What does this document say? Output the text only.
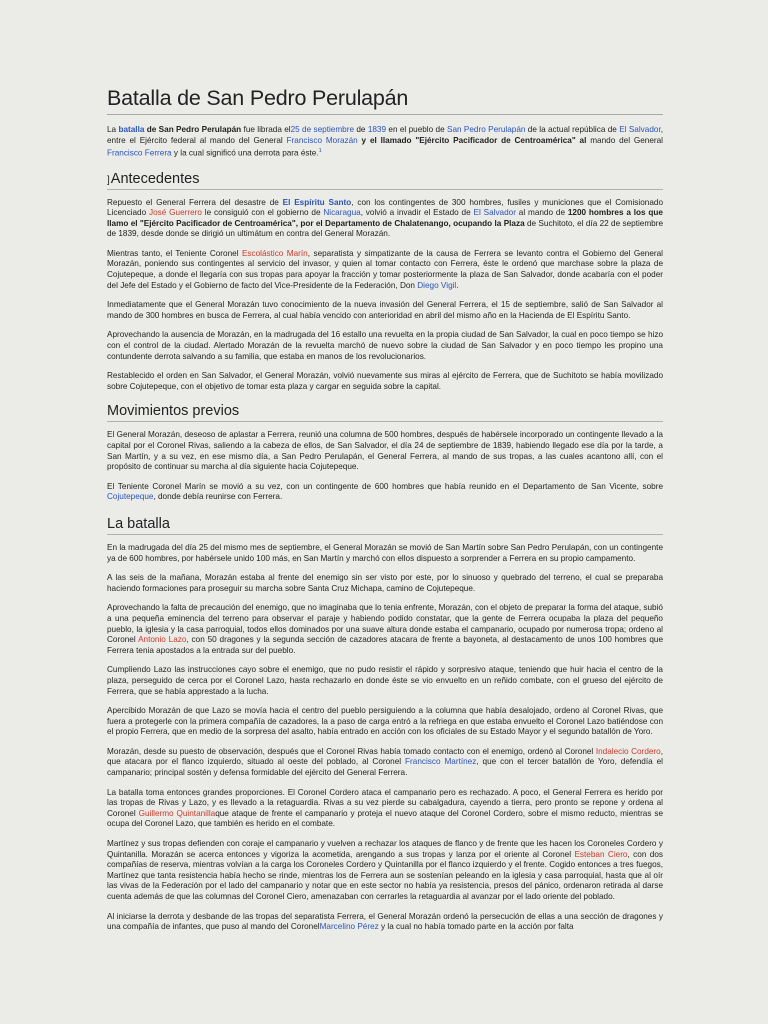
Batalla de San Pedro Perulapán

La batalla de San Pedro Perulapán fue librada el25 de septiembre de 1839 en el pueblo de San Pedro Perulapán de la actual república de El Salvador, entre el Ejército federal al mando del General Francisco Morazán y el llamado "Ejército Pacificador de Centroamérica" al mando del General Francisco Ferrera y la cual significó una derrota para éste.$^1$

]Antecedentes

Repuesto el General Ferrera del desastre de El Espíritu Santo, con los contingentes de 300 hombres, fusiles y municiones que el Comisionado Licenciado José Guerrero le consiguió con el gobierno de Nicaragua, volvió a invadir el Estado de El Salvador al mando de 1200 hombres a los que llamo el "Ejército Pacificador de Centroamérica", por el Departamento de Chalatenango, ocupando la Plaza de Suchitoto, el día 22 de septiembre de 1839, desde donde se dirigió un ultimátum en contra del General Morazán.

Mientras tanto, el Teniente Coronel Escolástico Marín, separatista y simpatizante de la causa de Ferrera se levanto contra el Gobierno del General Morazán, poniendo sus contingentes al servicio del invasor, y quien al tomar contacto con Ferrera, éste le ordenó que marchase sobre la plaza de Cojutepeque, a donde el llegaría con sus tropas para apoyar la fracción y tomar posteriormente la plaza de San Salvador, donde acabaría con el poder del Jefe del Estado y el Gobierno de facto del Vice-Presidente de la Federación, Don Diego Vigil.

Inmediatamente que el General Morazán tuvo conocimiento de la nueva invasión del General Ferrera, el 15 de septiembre, salió de San Salvador al mando de 300 hombres en busca de Ferrera, al cual había vencido con anterioridad en abril del mismo año en la Hacienda de El Espíritu Santo.

Aprovechando la ausencia de Morazán, en la madrugada del 16 estallo una revuelta en la propia ciudad de San Salvador, la cual en poco tiempo se hizo con el control de la ciudad. Alertado Morazán de la revuelta marchó de nuevo sobre la ciudad de San Salvador y en poco tiempo les propino una contundente derrota salvando a su familia, que estaba en manos de los revolucionarios.

Restablecido el orden en San Salvador, el General Morazán, volvió nuevamente sus miras al ejército de Ferrera, que de Suchitoto se había movilizado sobre Cojutepeque, con el objetivo de tomar esta plaza y cargar en seguida sobre la capital.

Movimientos previos

El General Morazán, deseoso de aplastar a Ferrera, reunió una columna de 500 hombres, después de habérsele incorporado un contingente llevado a la capital por el Coronel Rivas, saliendo a la cabeza de ellos, de San Salvador, el día 24 de septiembre de 1839, habiendo llegado ese día por la tarde, a San Martín, y a su vez, en ese mismo día, a San Pedro Perulapán, el General Ferrera, al mando de sus tropas, a las cuales acantono allí, con el propósito de continuar su marcha al día siguiente hacia Cojutepeque.

El Teniente Coronel Marín se movió a su vez, con un contingente de 600 hombres que había reunido en el Departamento de San Vicente, sobre Cojutepeque, donde debía reunirse con Ferrera.

La batalla

En la madrugada del día 25 del mismo mes de septiembre, el General Morazán se movió de San Martín sobre San Pedro Perulapán, con un contingente ya de 600 hombres, por habérsele unido 100 más, en San Martín y marchó con ellos dispuesto a sorprender a Ferrera en su propio campamento.

A las seis de la mañana, Morazán estaba al frente del enemigo sin ser visto por este, por lo sinuoso y quebrado del terreno, el cual se preparaba haciendo formaciones para proseguir su marcha sobre Santa Cruz Michapa, camino de Cojutepeque.

Aprovechando la falta de precaución del enemigo, que no imaginaba que lo tenia enfrente, Morazán, con el objeto de preparar la forma del ataque, subió a una pequeña eminencia del terreno para observar el paraje y habiendo podido constatar, que la gente de Ferrera ocupaba la plaza del pequeño pueblo, la iglesia y la casa parroquial, todos ellos dominados por una suave altura donde estaba el campanario, ocupado por numerosa tropa; ordeno al Coronel Antonio Lazo, con 50 dragones y la segunda sección de cazadores atacara de frente a bayoneta, al destacamento de unos 100 hombres que Ferrera tenia apostados a la entrada sur del pueblo.

Cumpliendo Lazo las instrucciones cayo sobre el enemigo, que no pudo resistir el rápido y sorpresivo ataque, teniendo que huir hacia el centro de la plaza, perseguido de cerca por el Coronel Lazo, hasta rechazarlo en donde éste se vio envuelto en un reñido combate, con el grueso del ejército de Ferrera, que se había apprestado a la lucha.

Apercibido Morazán de que Lazo se movía hacia el centro del pueblo persiguiendo a la columna que había desalojado, ordeno al Coronel Rivas, que fuera a protegerle con la primera compañía de cazadores, la a paso de carga entró a la refriega en que estaba envuelto el Coronel Lazo batiéndose con el propio Ferrera, que en medio de la sorpresa del asalto, había entrado en acción con los oficiales de su Estado Mayor y el segundo batallón de Yoro.

Morazán, desde su puesto de observación, después que el Coronel Rivas había tomado contacto con el enemigo, ordenó al Coronel Indalecio Cordero, que atacara por el flanco izquierdo, situado al oeste del poblado, al Coronel Francisco Martínez, que con el tercer batallón de Yoro, defendía el campanario; principal sostén y defensa formidable del ejército del General Ferrera.

La batalla toma entonces grandes proporciones. El Coronel Cordero ataca el campanario pero es rechazado. A poco, el General Ferrera es herido por las tropas de Rivas y Lazo, y es llevado a la retaguardia. Rivas a su vez pierde su cabalgadura, cayendo a tierra, pero pronto se repone y ordena al Coronel Guillermo Quintanillaque ataque de frente el campanario y proteja el nuevo ataque del Coronel Cordero, sobre el mismo reducto, mientras se ocupa del Coronel Lazo, que también es herido en el combate.

Martínez y sus tropas defienden con coraje el campanario y vuelven a rechazar los ataques de flanco y de frente que les hacen los Coroneles Cordero y Quintanilla. Morazán se acerca entonces y vigoriza la acometida, arengando a sus tropas y lanza por el oriente al Coronel Esteban Ciero, con dos compañías de reserva, mientras volvían a la carga los Coroneles Cordero y Quintanilla por el flanco izquierdo y el frente. Cogido entonces a tres fuegos, Martínez que tanta resistencia había hecho se rinde, mientras los de Ferrera aun se sostenían peleando en la iglesia y casa parroquial, hasta que al oír las vivas de la Federación por el lado del campanario y notar que en este sector no había ya resistencia, presos del pánico, ordenaron retirada al darse cuenta además de que las columnas del Coronel Ciero, amenazaban con cerrarles la retaguardia al avanzar por el lado oriente del poblado.

Al iniciarse la derrota y desbande de las tropas del separatista Ferrera, el General Morazán ordenó la persecución de ellas a una sección de dragones y una compañía de infantes, que puso al mando del CoronelMarcelino Pérez y la cual no había tomado parte en la acción por falta
